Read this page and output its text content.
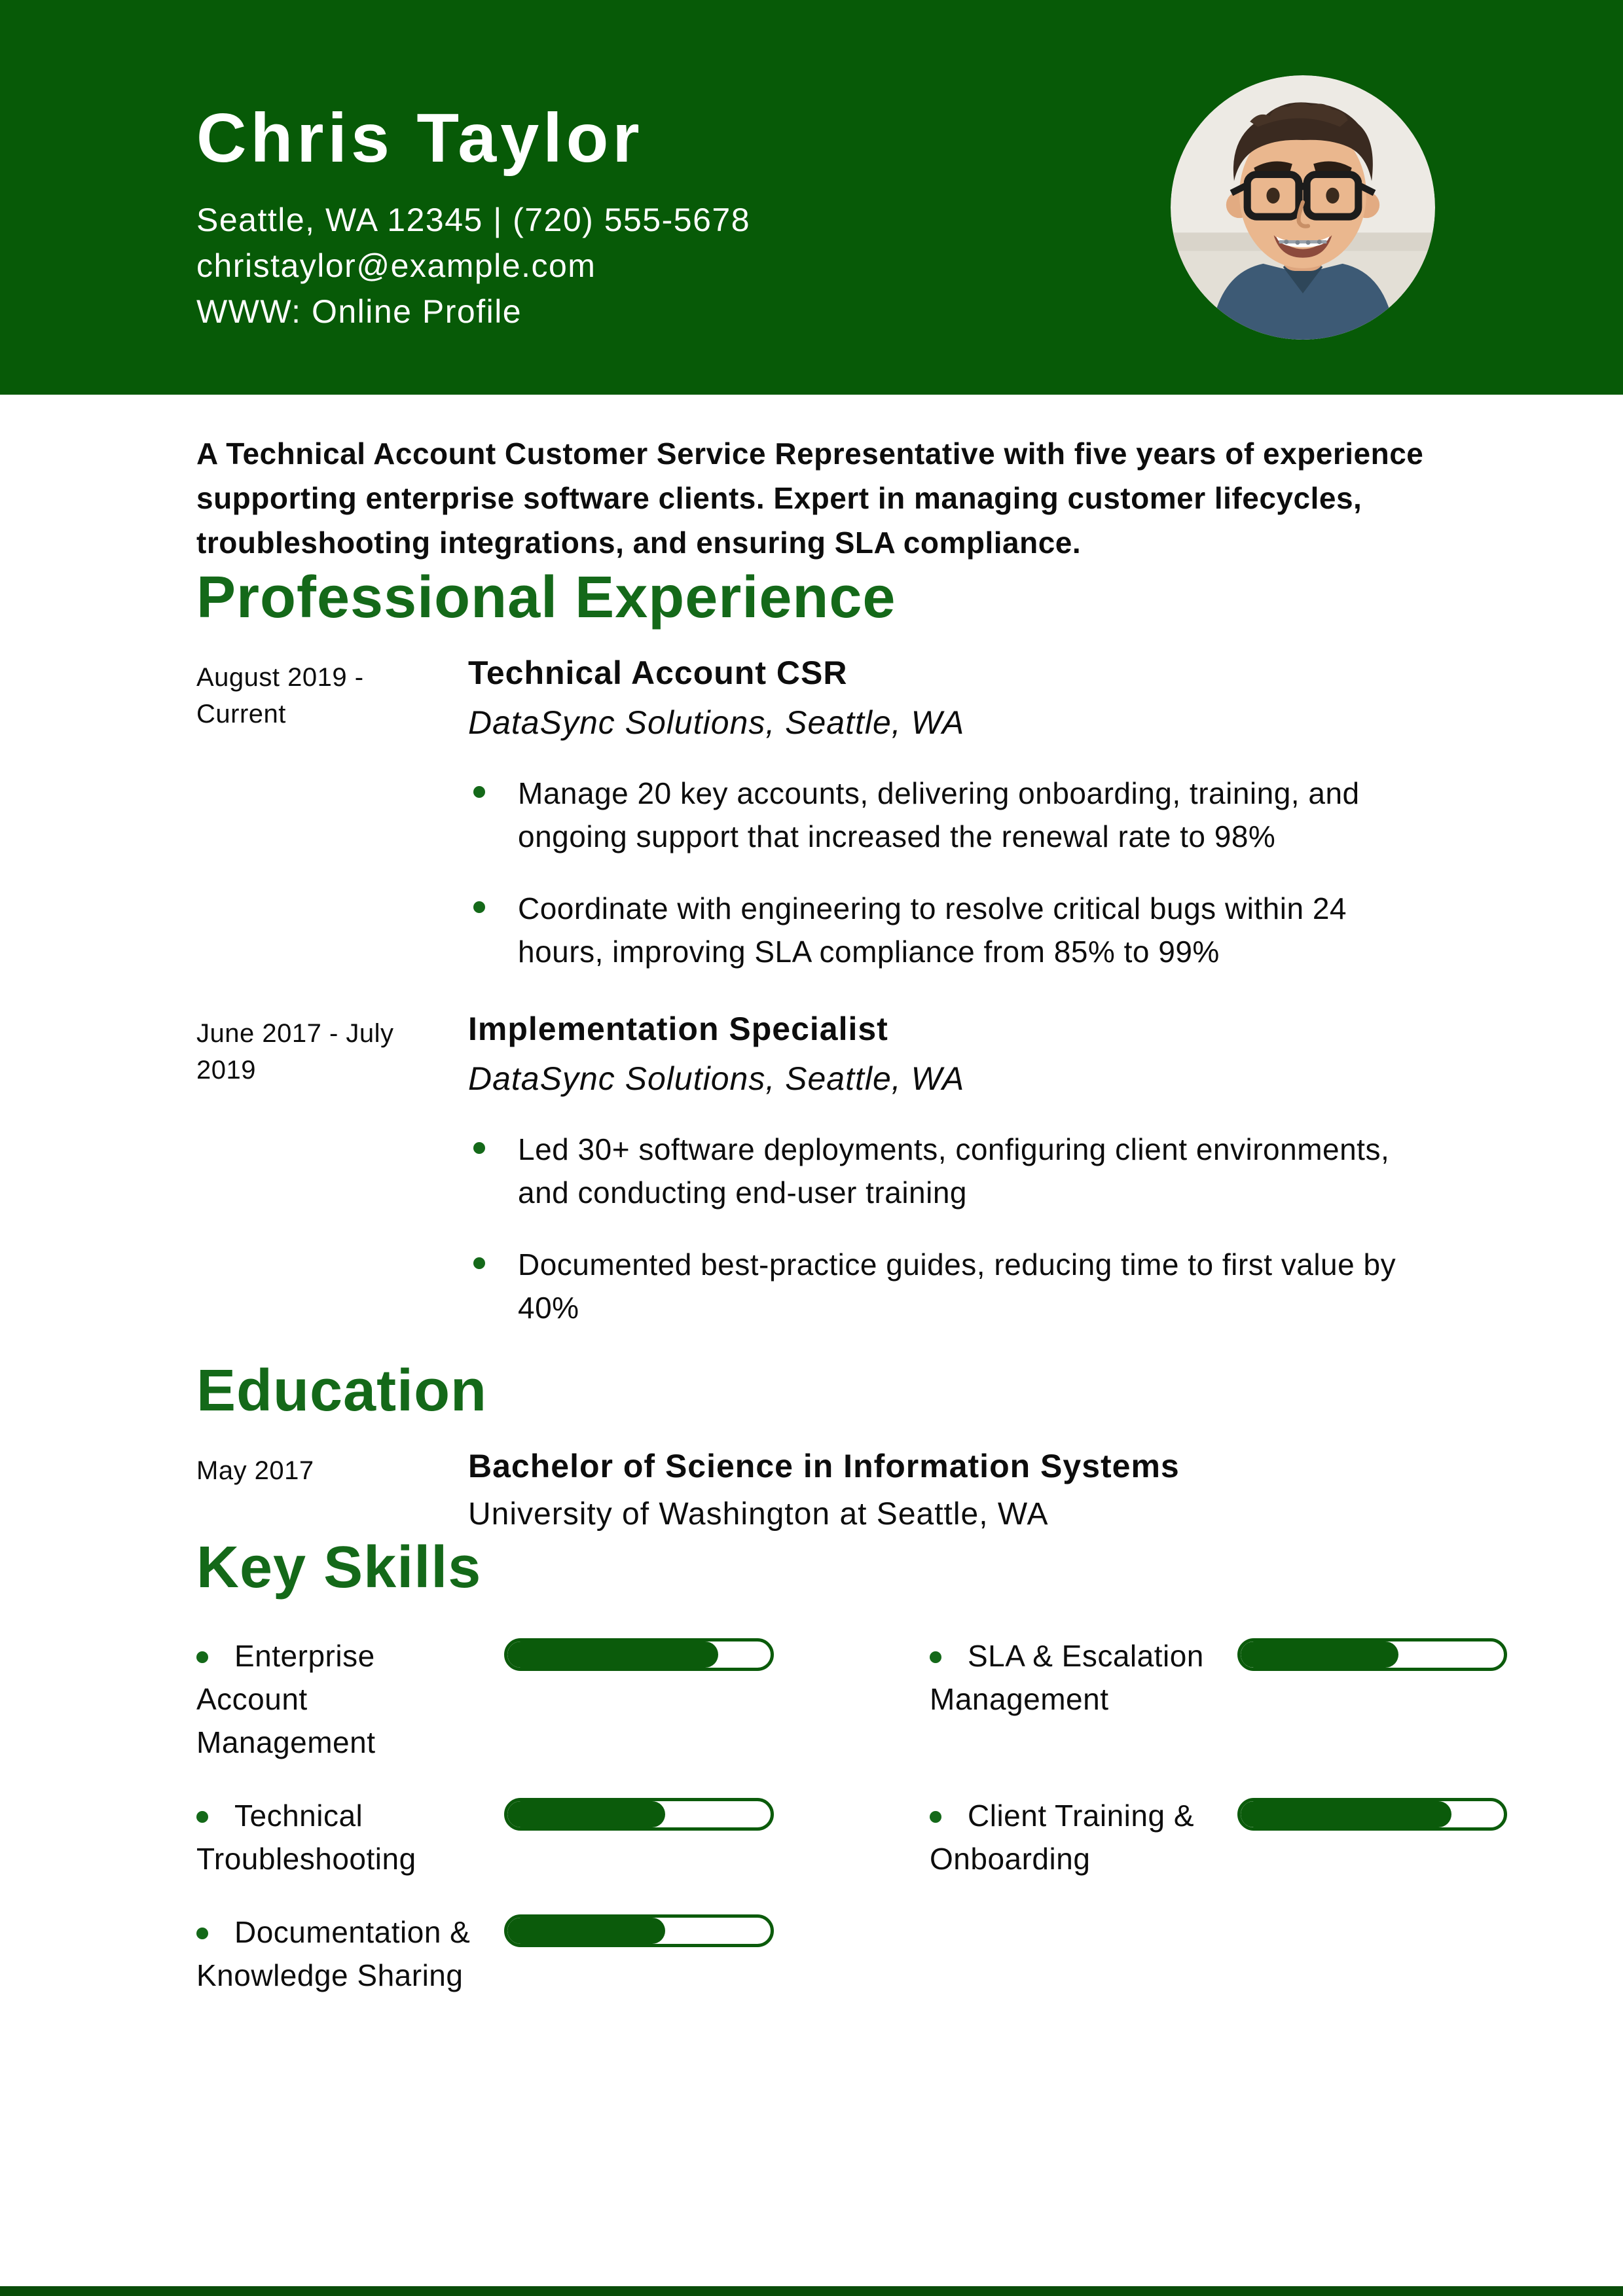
Chris Taylor
Seattle, WA 12345 | (720) 555-5678
christaylor@example.com
WWW: Online Profile
A Technical Account Customer Service Representative with five years of experience supporting enterprise software clients. Expert in managing customer lifecycles, troubleshooting integrations, and ensuring SLA compliance.
Professional Experience
August 2019 - Current
Technical Account CSR
DataSync Solutions, Seattle, WA
Manage 20 key accounts, delivering onboarding, training, and ongoing support that increased the renewal rate to 98%
Coordinate with engineering to resolve critical bugs within 24 hours, improving SLA compliance from 85% to 99%
June 2017 - July 2019
Implementation Specialist
DataSync Solutions, Seattle, WA
Led 30+ software deployments, configuring client environments, and conducting end-user training
Documented best-practice guides, reducing time to first value by 40%
Education
May 2017	Bachelor of Science in Information Systems
University of Washington at Seattle, WA
Key Skills
Enterprise Account Management
SLA & Escalation Management
Technical Troubleshooting
Client Training & Onboarding
Documentation & Knowledge Sharing
